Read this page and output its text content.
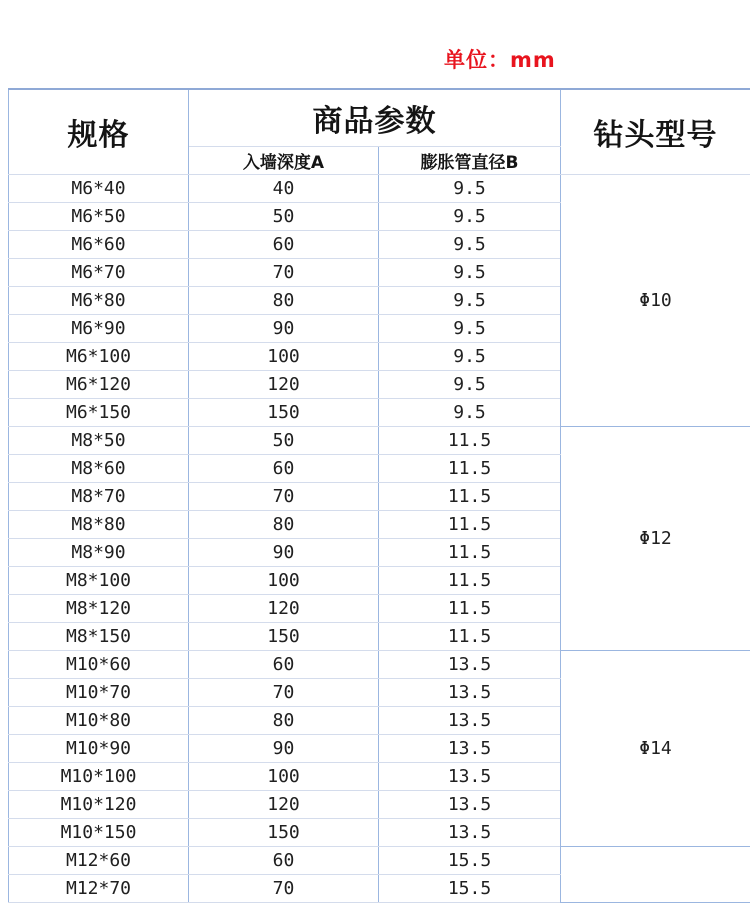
单位：mm
规格	商品参数		钻头型号
	入墙深度A	膨胀管直径B	
M6*40	40	9.5	Φ10
M6*50	50	9.5	
M6*60	60	9.5	
M6*70	70	9.5	
M6*80	80	9.5	
M6*90	90	9.5	
M6*100	100	9.5	
M6*120	120	9.5	
M6*150	150	9.5	
M8*50	50	11.5	Φ12
M8*60	60	11.5	
M8*70	70	11.5	
M8*80	80	11.5	
M8*90	90	11.5	
M8*100	100	11.5	
M8*120	120	11.5	
M8*150	150	11.5	
M10*60	60	13.5	Φ14
M10*70	70	13.5	
M10*80	80	13.5	
M10*90	90	13.5	
M10*100	100	13.5	
M10*120	120	13.5	
M10*150	150	13.5	
M12*60	60	15.5	
M12*70	70	15.5	
